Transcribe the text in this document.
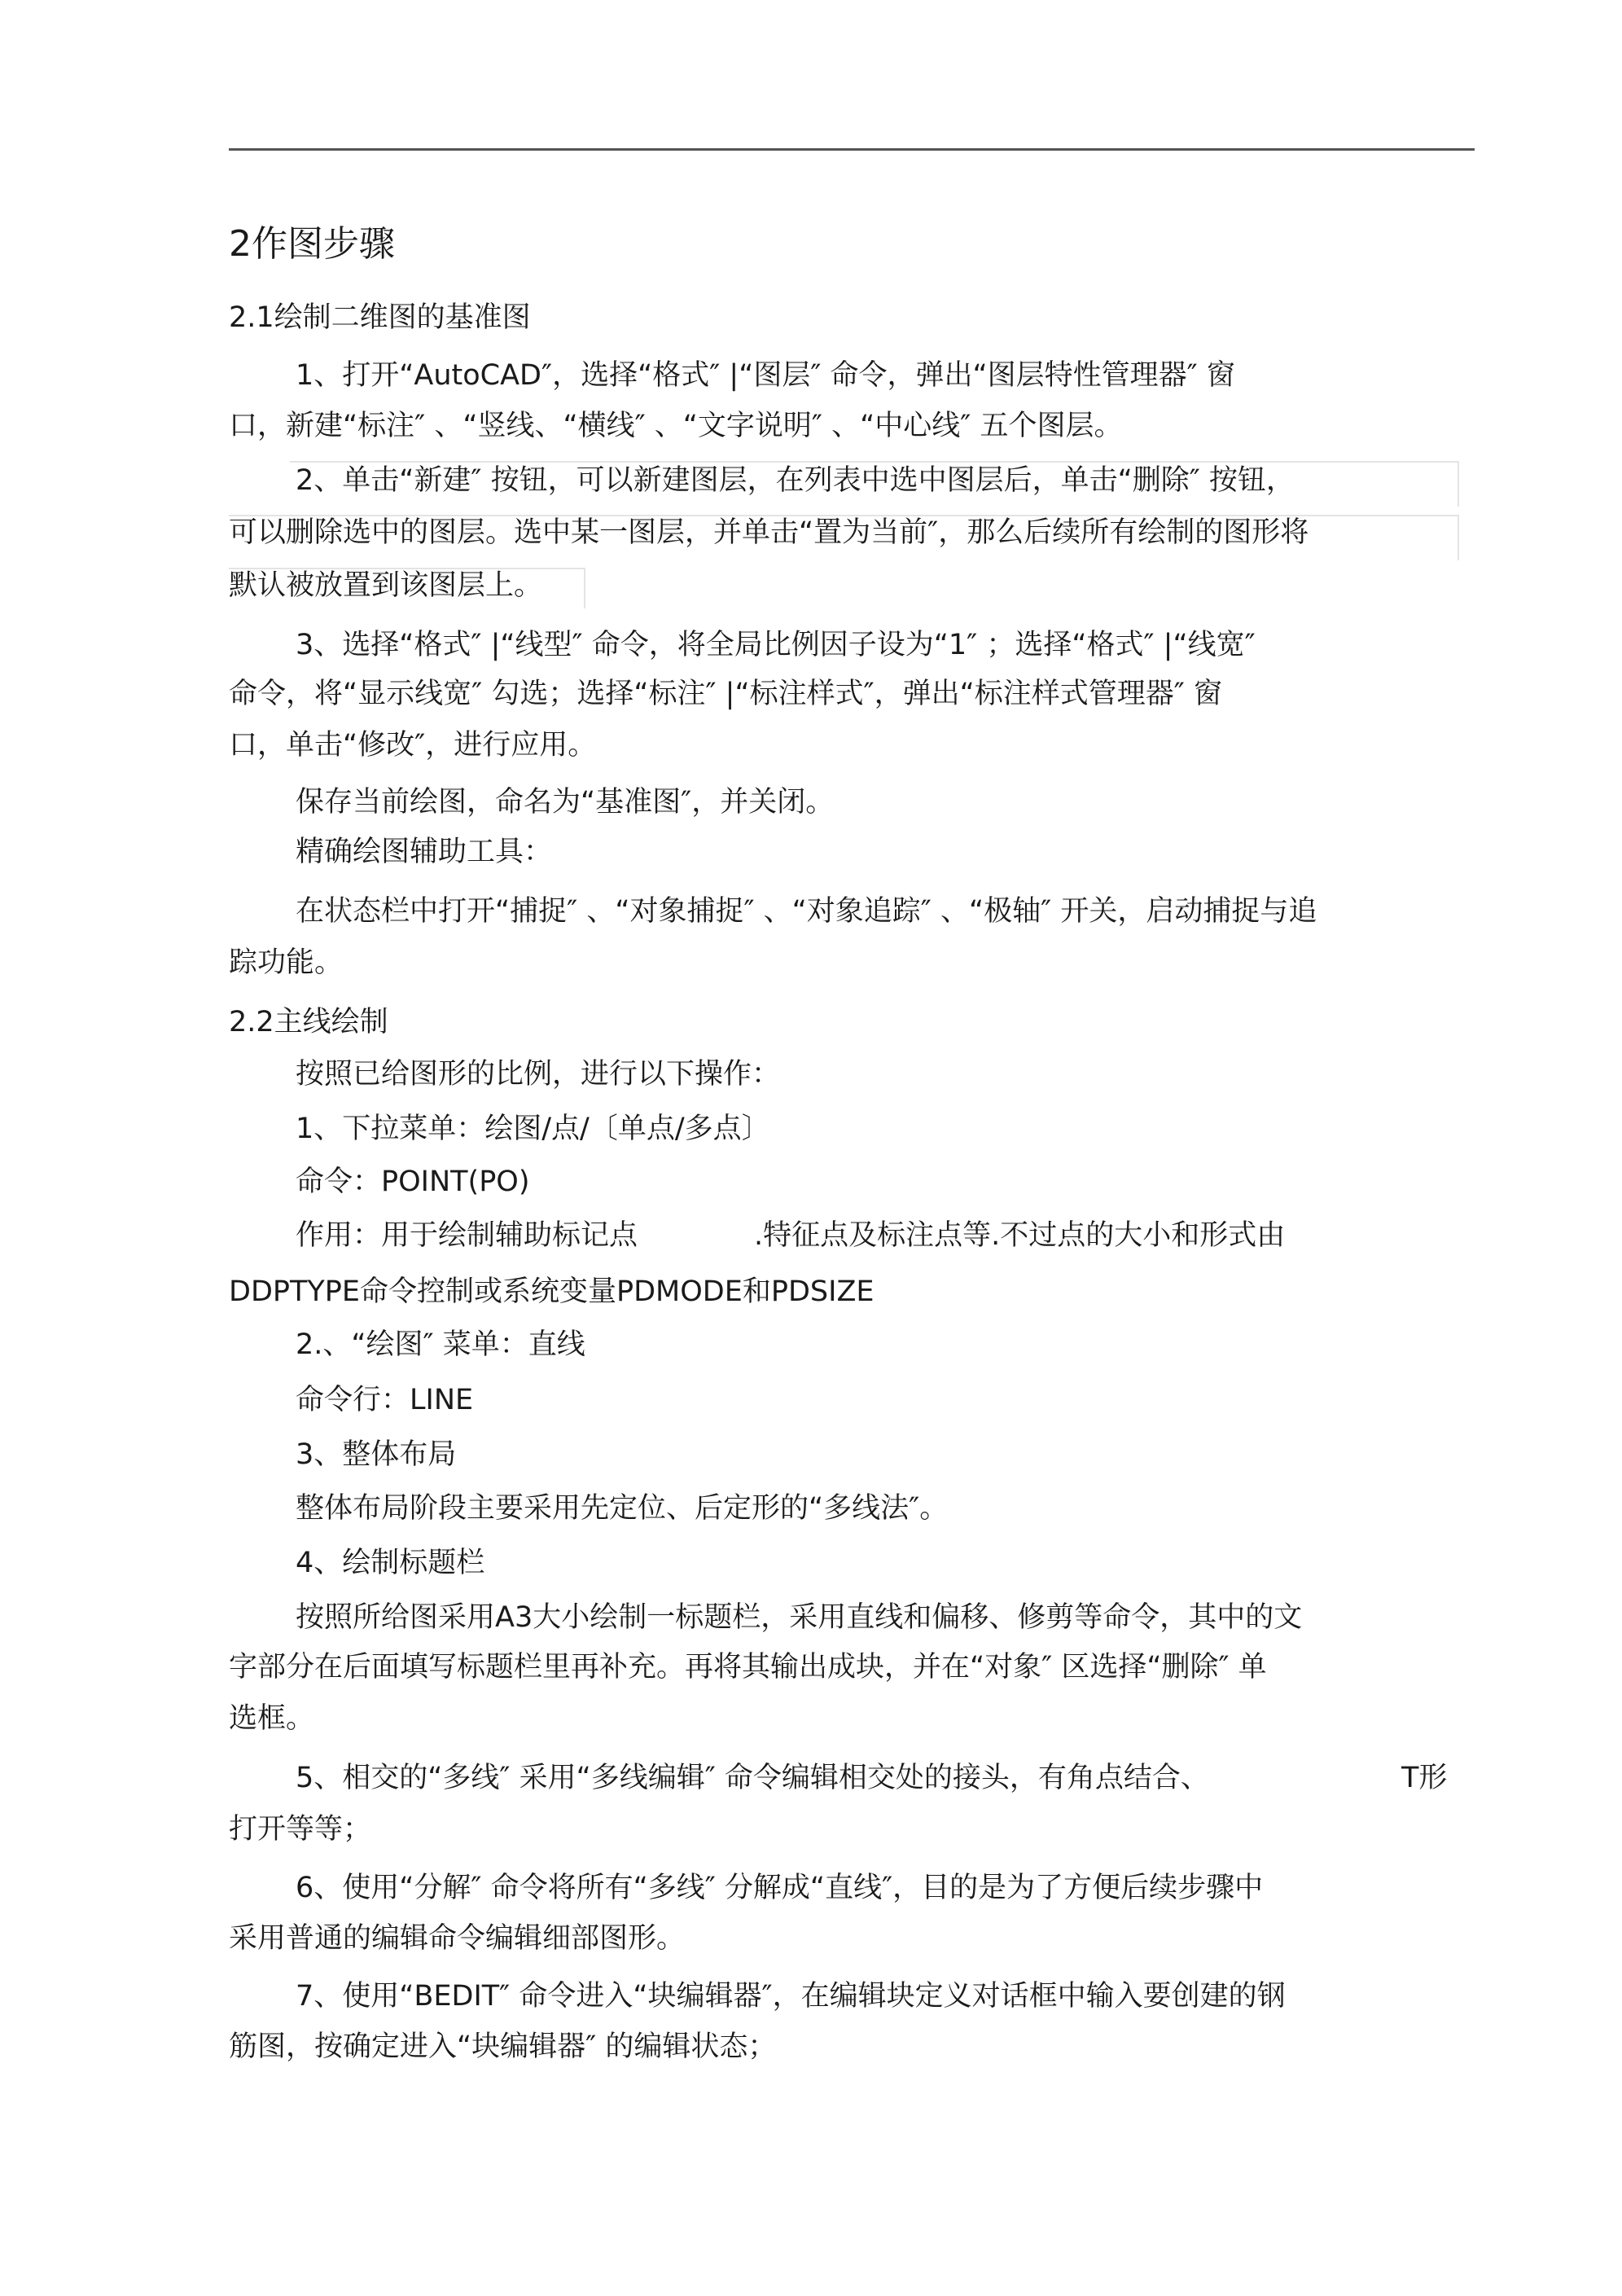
2作图步骤
2.1绘制二维图的基准图
1、打开“AutoCAD″，选择“格式″ |“图层″ 命令，弹出“图层特性管理器″ 窗
口，新建“标注″ 、“竖线、“横线″ 、“文字说明″ 、“中心线″ 五个图层。
2、单击“新建″ 按钮，可以新建图层，在列表中选中图层后，单击“删除″ 按钮，
可以删除选中的图层。选中某一图层，并单击“置为当前″，那么后续所有绘制的图形将
默认被放置到该图层上。
3、选择“格式″ |“线型″ 命令，将全局比例因子设为“1″ ；选择“格式″ |“线宽″
命令，将“显示线宽″ 勾选；选择“标注″ |“标注样式″，弹出“标注样式管理器″ 窗
口，单击“修改″，进行应用。
保存当前绘图，命名为“基准图″，并关闭。
精确绘图辅助工具：
在状态栏中打开“捕捉″ 、“对象捕捉″ 、“对象追踪″ 、“极轴″ 开关，启动捕捉与追
踪功能。
2.2主线绘制
按照已给图形的比例，进行以下操作：
1、下拉菜单：绘图/点/〔单点/多点〕
命令：POINT(PO)
作用：用于绘制辅助标记点	.特征点及标注点等.不过点的大小和形式由
DDPTYPE命令控制或系统变量PDMODE和PDSIZE
2.、“绘图″ 菜单：直线
命令行：LINE
3、整体布局
整体布局阶段主要采用先定位、后定形的“多线法″。
4、绘制标题栏
按照所给图采用A3大小绘制一标题栏，采用直线和偏移、修剪等命令，其中的文
字部分在后面填写标题栏里再补充。再将其输出成块，并在“对象″ 区选择“删除″ 单
选框。
5、相交的“多线″ 采用“多线编辑″ 命令编辑相交处的接头，有角点结合、	T形
打开等等；
6、使用“分解″ 命令将所有“多线″ 分解成“直线″，目的是为了方便后续步骤中
采用普通的编辑命令编辑细部图形。
7、使用“BEDIT″ 命令进入“块编辑器″，在编辑块定义对话框中输入要创建的钢
筋图，按确定进入“块编辑器″ 的编辑状态；
